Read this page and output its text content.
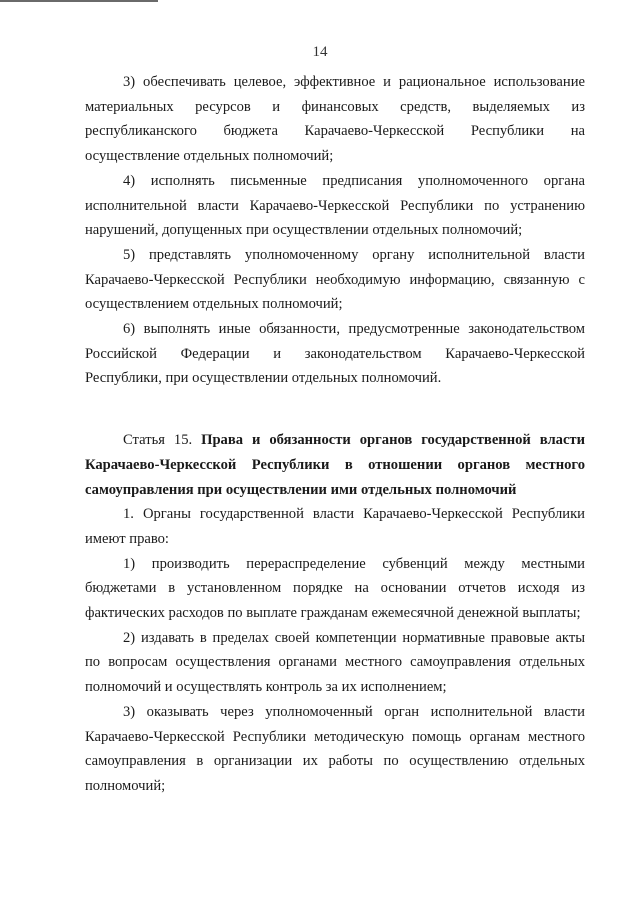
14

3) обеспечивать целевое, эффективное и рациональное использование материальных ресурсов и финансовых средств, выделяемых из республиканского бюджета Карачаево-Черкесской Республики на осуществление отдельных полномочий;

4) исполнять письменные предписания уполномоченного органа исполнительной власти Карачаево-Черкесской Республики по устранению нарушений, допущенных при осуществлении отдельных полномочий;

5) представлять уполномоченному органу исполнительной власти Карачаево-Черкесской Республики необходимую информацию, связанную с осуществлением отдельных полномочий;

6) выполнять иные обязанности, предусмотренные законодательством Российской Федерации и законодательством Карачаево-Черкесской Республики, при осуществлении отдельных полномочий.

Статья 15. Права и обязанности органов государственной власти Карачаево-Черкесской Республики в отношении органов местного самоуправления при осуществлении ими отдельных полномочий

1. Органы государственной власти Карачаево-Черкесской Республики имеют право:

1) производить перераспределение субвенций между местными бюджетами в установленном порядке на основании отчетов исходя из фактических расходов по выплате гражданам ежемесячной денежной выплаты;

2) издавать в пределах своей компетенции нормативные правовые акты по вопросам осуществления органами местного самоуправления отдельных полномочий и осуществлять контроль за их исполнением;

3) оказывать через уполномоченный орган исполнительной власти Карачаево-Черкесской Республики методическую помощь органам местного самоуправления в организации их работы по осуществлению отдельных полномочий;
